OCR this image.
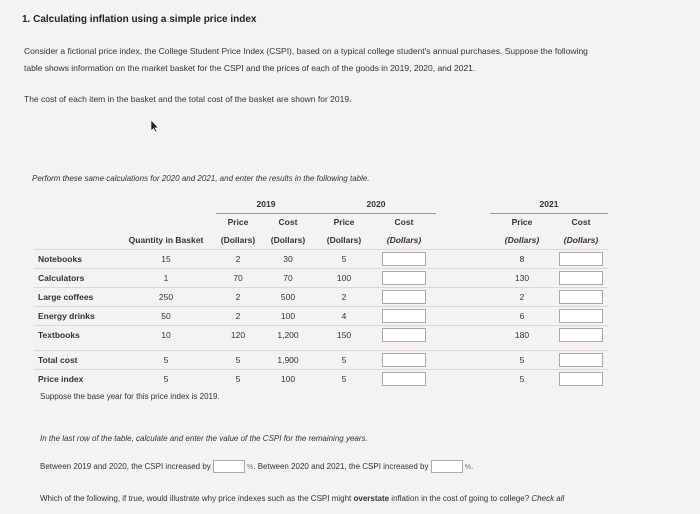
1. Calculating inflation using a simple price index
Consider a fictional price index, the College Student Price Index (CSPI), based on a typical college student's annual purchases. Suppose the following
table shows information on the market basket for the CSPI and the prices of each of the goods in 2019, 2020, and 2021.
The cost of each item in the basket and the total cost of the basket are shown for 2019.
Perform these same calculations for 2020 and 2021, and enter the results in the following table.
		2019		2020			2021	
		Price	Cost	Price	Cost		Price	Cost
	Quantity in Basket	(Dollars)	(Dollars)	(Dollars)	(Dollars)		(Dollars)	(Dollars)
Notebooks	15	2	30	5			8	
Calculators	1	70	70	100			130	
Large coffees	250	2	500	2			2	
Energy drinks	50	2	100	4			6	
Textbooks	10	120	1,200	150			180	

Total cost	5	5	1,900	5			5	
Price index	5	5	100	5			5	
Suppose the base year for this price index is 2019.
In the last row of the table, calculate and enter the value of the CSPI for the remaining years.
Between 2019 and 2020, the CSPI increased by	%. Between 2020 and 2021, the CSPI increased by	%.
Which of the following, if true, would illustrate why price indexes such as the CSPI might overstate inflation in the cost of going to college? Check all
